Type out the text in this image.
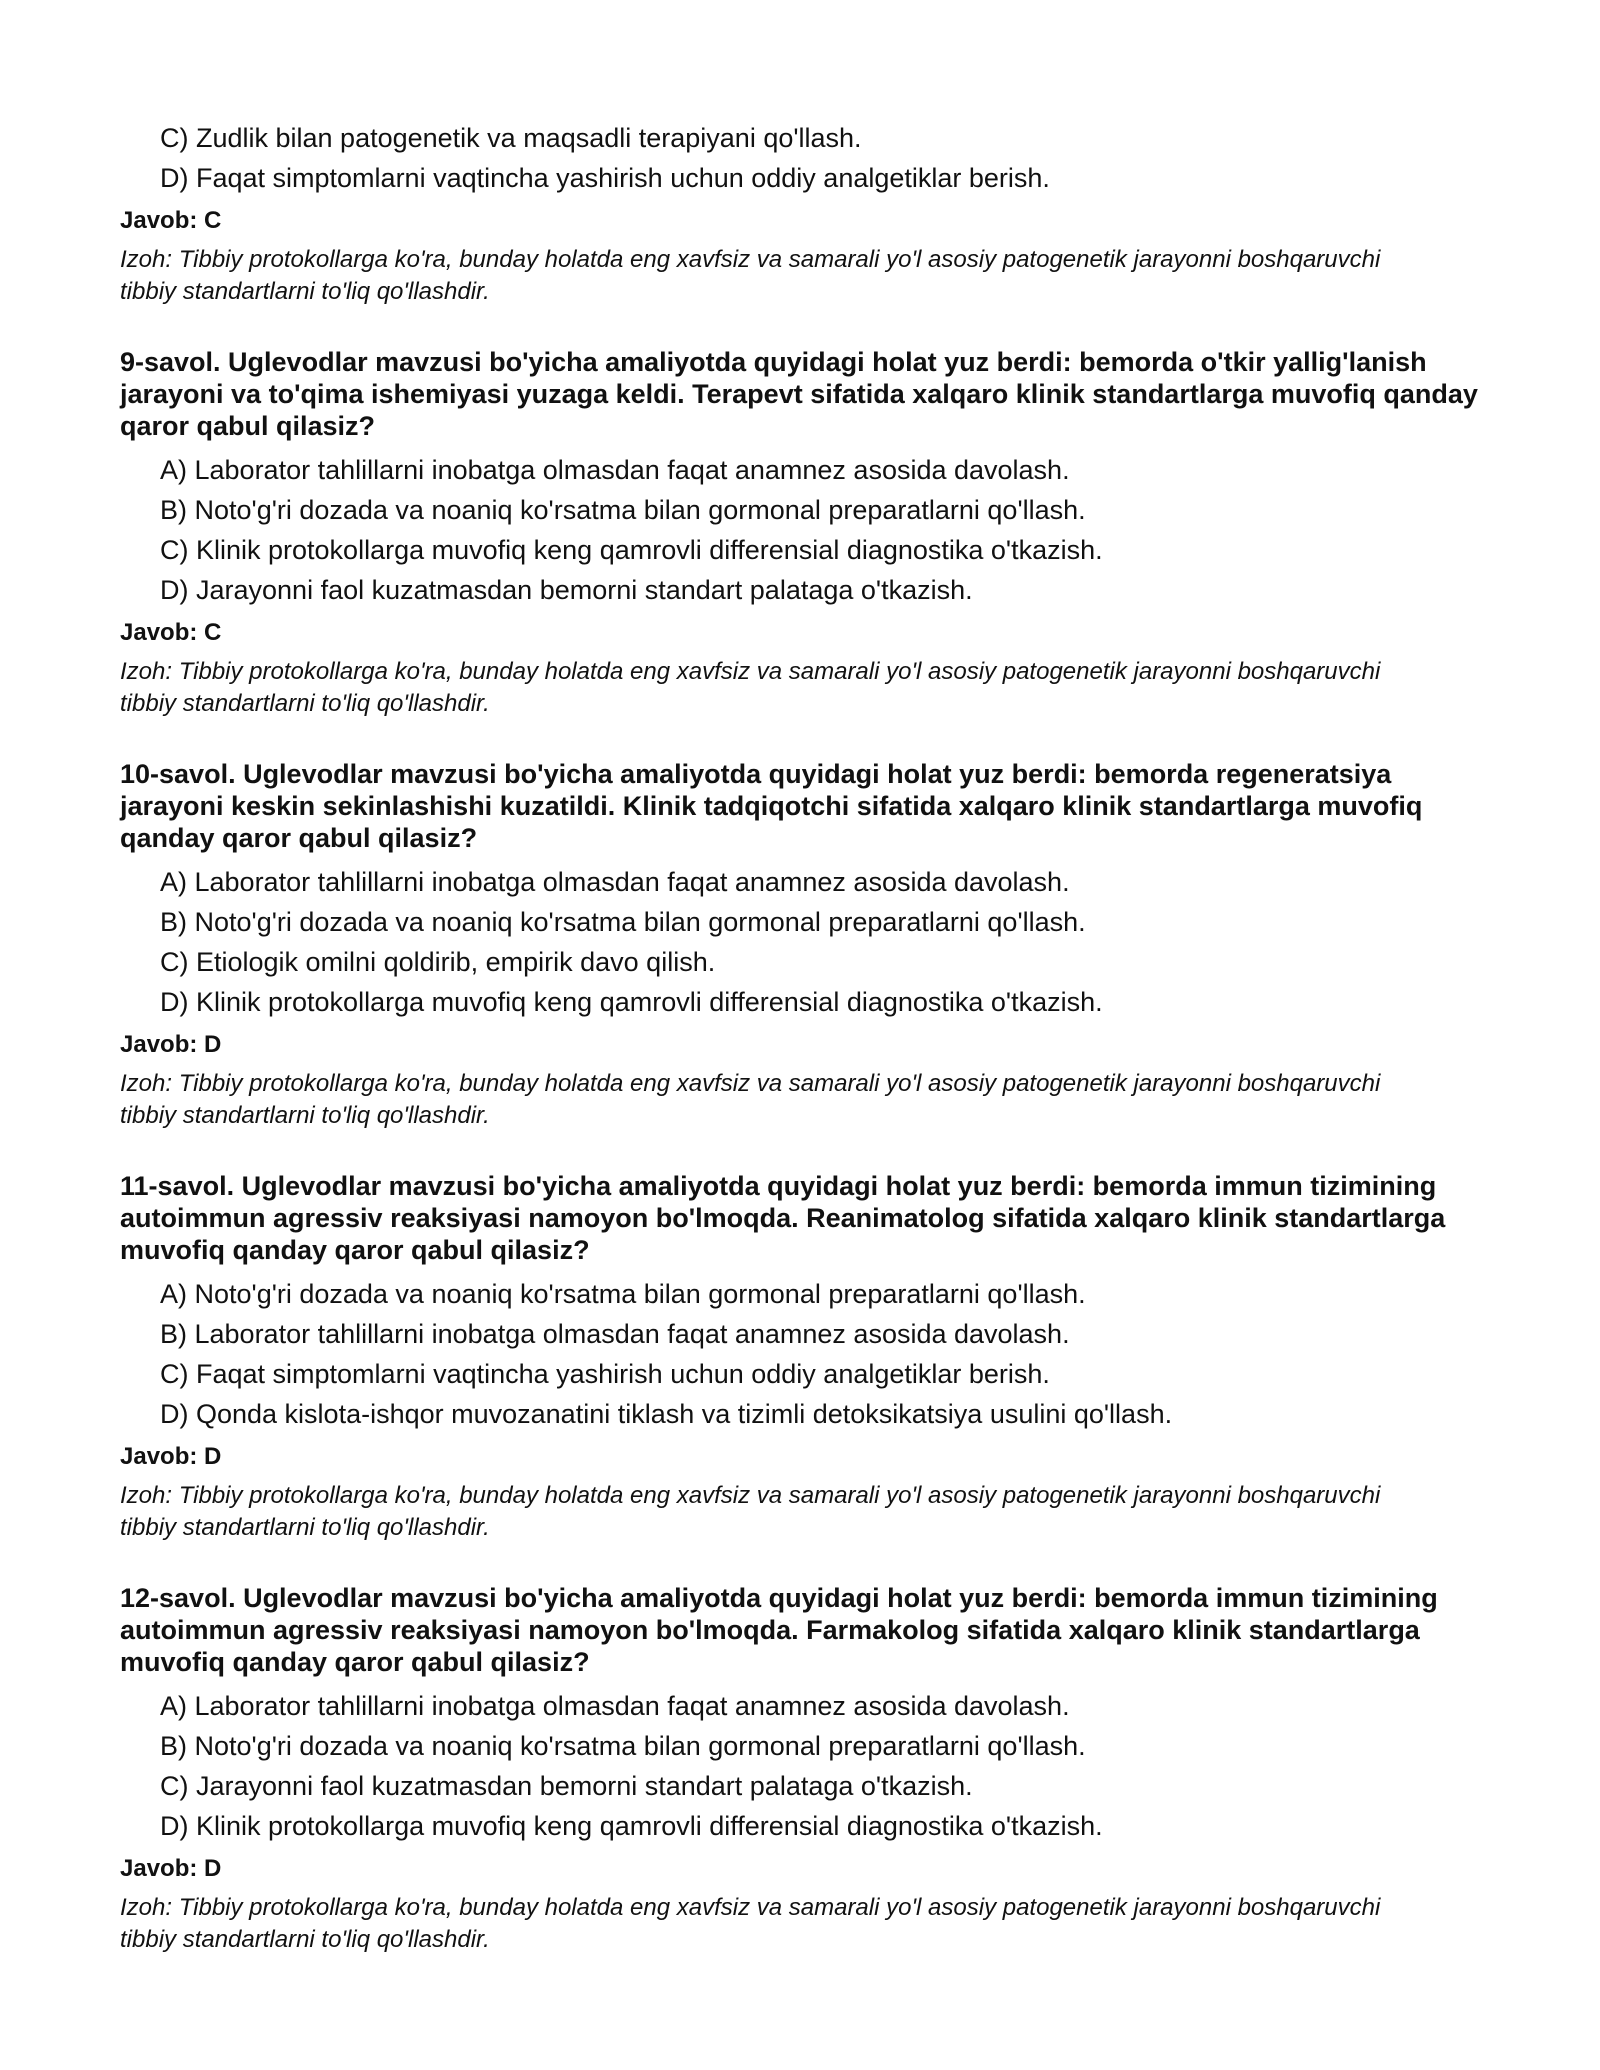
C) Zudlik bilan patogenetik va maqsadli terapiyani qo'llash.
D) Faqat simptomlarni vaqtincha yashirish uchun oddiy analgetiklar berish.
Javob: C
Izoh: Tibbiy protokollarga ko'ra, bunday holatda eng xavfsiz va samarali yo'l asosiy patogenetik jarayonni boshqaruvchi tibbiy standartlarni to'liq qo'llashdir.
9-savol. Uglevodlar mavzusi bo'yicha amaliyotda quyidagi holat yuz berdi: bemorda o'tkir yallig'lanish jarayoni va to'qima ishemiyasi yuzaga keldi. Terapevt sifatida xalqaro klinik standartlarga muvofiq qanday qaror qabul qilasiz?
A) Laborator tahlillarni inobatga olmasdan faqat anamnez asosida davolash.
B) Noto'g'ri dozada va noaniq ko'rsatma bilan gormonal preparatlarni qo'llash.
C) Klinik protokollarga muvofiq keng qamrovli differensial diagnostika o'tkazish.
D) Jarayonni faol kuzatmasdan bemorni standart palataga o'tkazish.
Javob: C
Izoh: Tibbiy protokollarga ko'ra, bunday holatda eng xavfsiz va samarali yo'l asosiy patogenetik jarayonni boshqaruvchi tibbiy standartlarni to'liq qo'llashdir.
10-savol. Uglevodlar mavzusi bo'yicha amaliyotda quyidagi holat yuz berdi: bemorda regeneratsiya jarayoni keskin sekinlashishi kuzatildi. Klinik tadqiqotchi sifatida xalqaro klinik standartlarga muvofiq qanday qaror qabul qilasiz?
A) Laborator tahlillarni inobatga olmasdan faqat anamnez asosida davolash.
B) Noto'g'ri dozada va noaniq ko'rsatma bilan gormonal preparatlarni qo'llash.
C) Etiologik omilni qoldirib, empirik davo qilish.
D) Klinik protokollarga muvofiq keng qamrovli differensial diagnostika o'tkazish.
Javob: D
Izoh: Tibbiy protokollarga ko'ra, bunday holatda eng xavfsiz va samarali yo'l asosiy patogenetik jarayonni boshqaruvchi tibbiy standartlarni to'liq qo'llashdir.
11-savol. Uglevodlar mavzusi bo'yicha amaliyotda quyidagi holat yuz berdi: bemorda immun tizimining autoimmun agressiv reaksiyasi namoyon bo'lmoqda. Reanimatolog sifatida xalqaro klinik standartlarga muvofiq qanday qaror qabul qilasiz?
A) Noto'g'ri dozada va noaniq ko'rsatma bilan gormonal preparatlarni qo'llash.
B) Laborator tahlillarni inobatga olmasdan faqat anamnez asosida davolash.
C) Faqat simptomlarni vaqtincha yashirish uchun oddiy analgetiklar berish.
D) Qonda kislota-ishqor muvozanatini tiklash va tizimli detoksikatsiya usulini qo'llash.
Javob: D
Izoh: Tibbiy protokollarga ko'ra, bunday holatda eng xavfsiz va samarali yo'l asosiy patogenetik jarayonni boshqaruvchi tibbiy standartlarni to'liq qo'llashdir.
12-savol. Uglevodlar mavzusi bo'yicha amaliyotda quyidagi holat yuz berdi: bemorda immun tizimining autoimmun agressiv reaksiyasi namoyon bo'lmoqda. Farmakolog sifatida xalqaro klinik standartlarga muvofiq qanday qaror qabul qilasiz?
A) Laborator tahlillarni inobatga olmasdan faqat anamnez asosida davolash.
B) Noto'g'ri dozada va noaniq ko'rsatma bilan gormonal preparatlarni qo'llash.
C) Jarayonni faol kuzatmasdan bemorni standart palataga o'tkazish.
D) Klinik protokollarga muvofiq keng qamrovli differensial diagnostika o'tkazish.
Javob: D
Izoh: Tibbiy protokollarga ko'ra, bunday holatda eng xavfsiz va samarali yo'l asosiy patogenetik jarayonni boshqaruvchi tibbiy standartlarni to'liq qo'llashdir.
